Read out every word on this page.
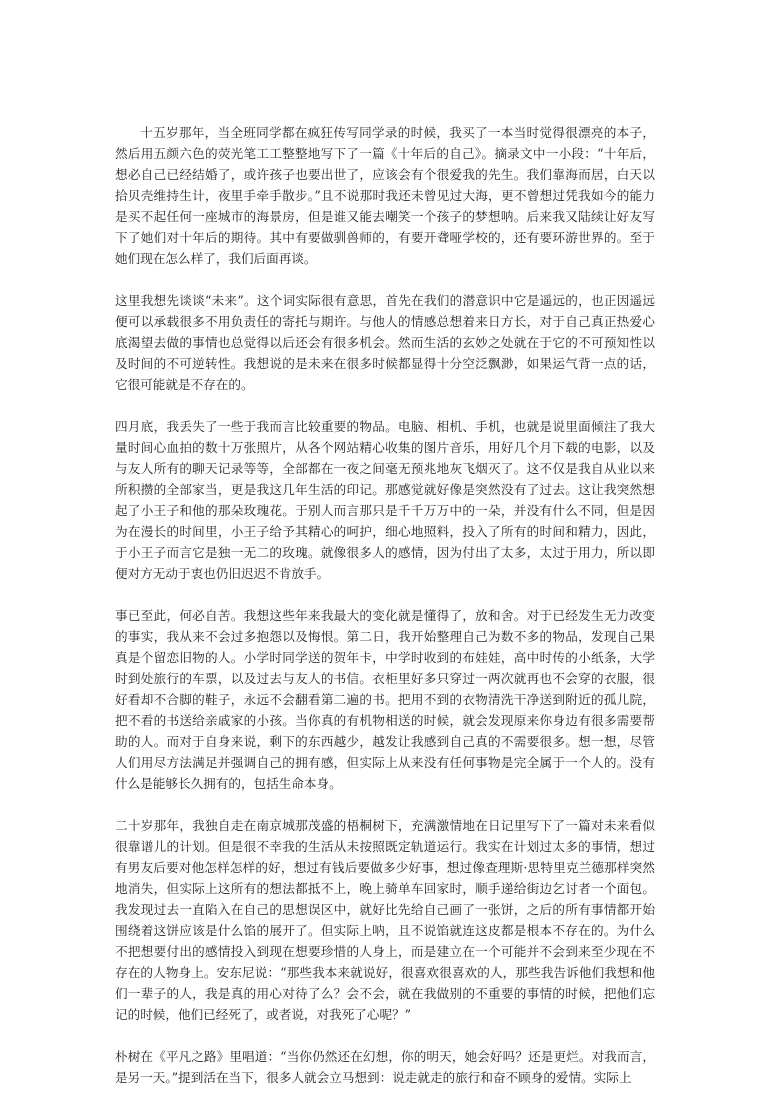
十五岁那年，当全班同学都在疯狂传写同学录的时候，我买了一本当时觉得很漂亮的本子，然后用五颜六色的荧光笔工工整整地写下了一篇《十年后的自己》。摘录文中一小段：“十年后，想必自己已经结婚了，或许孩子也要出世了，应该会有个很爱我的先生。我们靠海而居，白天以拾贝壳维持生计，夜里手牵手散步。”且不说那时我还未曾见过大海，更不曾想过凭我如今的能力是买不起任何一座城市的海景房，但是谁又能去嘲笑一个孩子的梦想呐。后来我又陆续让好友写下了她们对十年后的期待。其中有要做驯兽师的，有要开聋哑学校的，还有要环游世界的。至于她们现在怎么样了，我们后面再谈。

这里我想先谈谈“未来”。这个词实际很有意思，首先在我们的潜意识中它是遥远的，也正因遥远便可以承载很多不用负责任的寄托与期许。与他人的情感总想着来日方长，对于自己真正热爱心底渴望去做的事情也总觉得以后还会有很多机会。然而生活的玄妙之处就在于它的不可预知性以及时间的不可逆转性。我想说的是未来在很多时候都显得十分空泛飘渺，如果运气背一点的话，它很可能就是不存在的。

四月底，我丢失了一些于我而言比较重要的物品。电脑、相机、手机，也就是说里面倾注了我大量时间心血拍的数十万张照片，从各个网站精心收集的图片音乐，用好几个月下载的电影，以及与友人所有的聊天记录等等，全部都在一夜之间毫无预兆地灰飞烟灭了。这不仅是我自从业以来所积攒的全部家当，更是我这几年生活的印记。那感觉就好像是突然没有了过去。这让我突然想起了小王子和他的那朵玫瑰花。于别人而言那只是千千万万中的一朵，并没有什么不同，但是因为在漫长的时间里，小王子给予其精心的呵护，细心地照料，投入了所有的时间和精力，因此，于小王子而言它是独一无二的玫瑰。就像很多人的感情，因为付出了太多，太过于用力，所以即便对方无动于衷也仍旧迟迟不肯放手。

事已至此，何必自苦。我想这些年来我最大的变化就是懂得了，放和舍。对于已经发生无力改变的事实，我从来不会过多抱怨以及悔恨。第二日，我开始整理自己为数不多的物品，发现自己果真是个留恋旧物的人。小学时同学送的贺年卡，中学时收到的布娃娃，高中时传的小纸条，大学时到处旅行的车票，以及过去与友人的书信。衣柜里好多只穿过一两次就再也不会穿的衣服，很好看却不合脚的鞋子，永远不会翻看第二遍的书。把用不到的衣物清洗干净送到附近的孤儿院，把不看的书送给亲戚家的小孩。当你真的有机物相送的时候，就会发现原来你身边有很多需要帮助的人。而对于自身来说，剩下的东西越少，越发让我感到自己真的不需要很多。想一想，尽管人们用尽方法满足并强调自己的拥有感，但实际上从来没有任何事物是完全属于一个人的。没有什么是能够长久拥有的，包括生命本身。

二十岁那年，我独自走在南京城那茂盛的梧桐树下，充满激情地在日记里写下了一篇对未来看似很靠谱儿的计划。但是很不幸我的生活从未按照既定轨道运行。我实在计划过太多的事情，想过有男友后要对他怎样怎样的好，想过有钱后要做多少好事，想过像查理斯·思特里克兰德那样突然地消失，但实际上这所有的想法都抵不上，晚上骑单车回家时，顺手递给街边乞讨者一个面包。我发现过去一直陷入在自己的思想误区中，就好比先给自己画了一张饼，之后的所有事情都开始围绕着这饼应该是什么馅的展开了。但实际上呐，且不说馅就连这皮都是根本不存在的。为什么不把想要付出的感情投入到现在想要珍惜的人身上，而是建立在一个可能并不会到来至少现在不存在的人物身上。安东尼说：“那些我本来就说好，很喜欢很喜欢的人，那些我告诉他们我想和他们一辈子的人，我是真的用心对待了么？会不会，就在我做别的不重要的事情的时候，把他们忘记的时候，他们已经死了，或者说，对我死了心呢？”

朴树在《平凡之路》里唱道：“当你仍然还在幻想，你的明天，她会好吗？还是更烂。对我而言，是另一天。”提到活在当下，很多人就会立马想到：说走就走的旅行和奋不顾身的爱情。实际上
